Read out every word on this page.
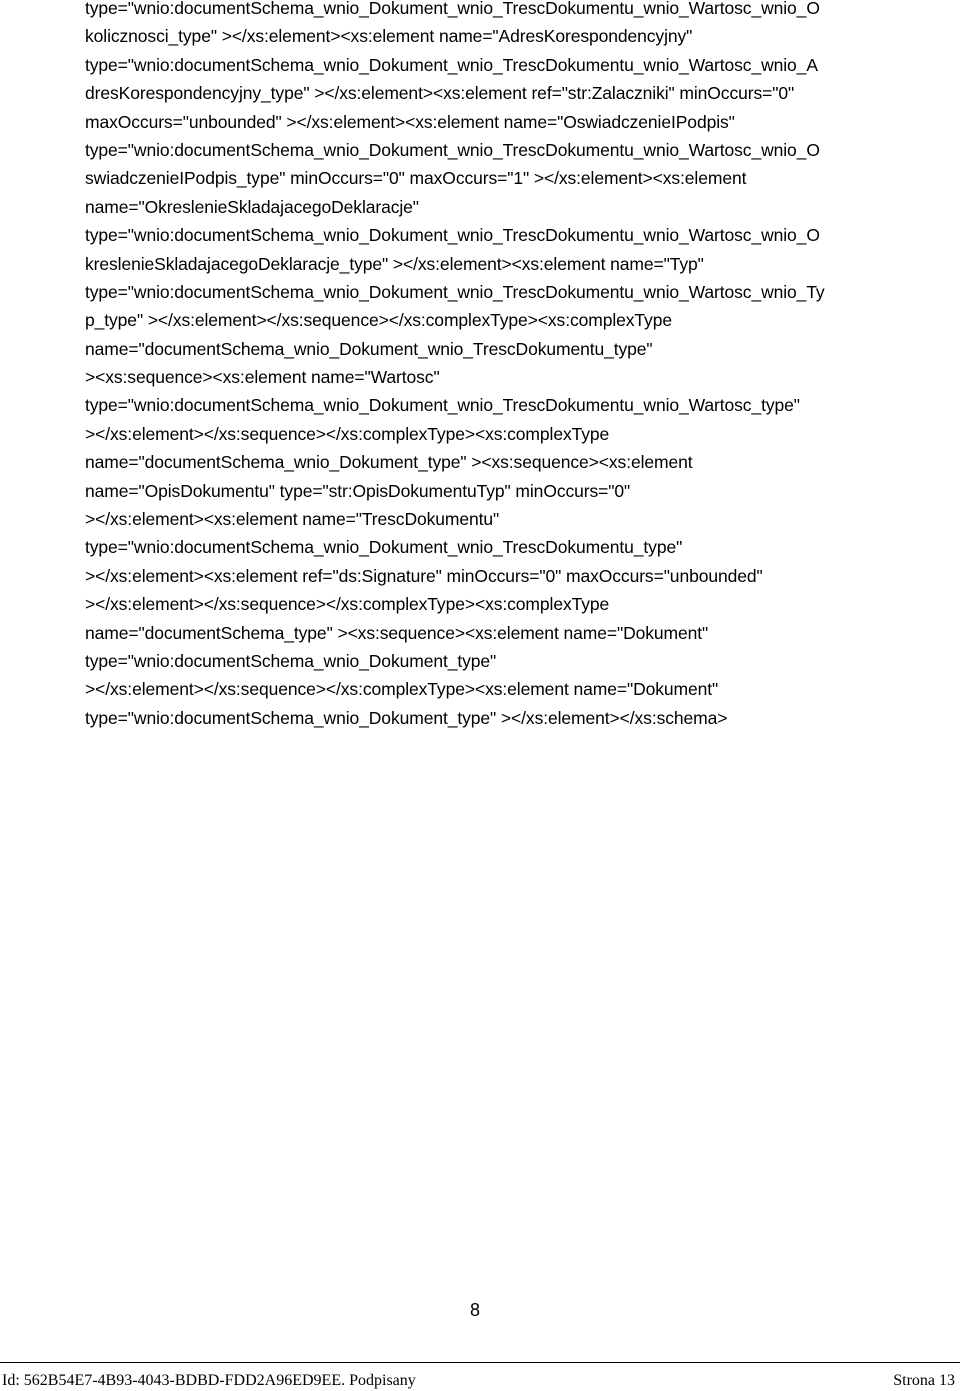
type="wnio:documentSchema_wnio_Dokument_wnio_TrescDokumentu_wnio_Wartosc_wnio_O
kolicznosci_type" ></xs:element><xs:element name="AdresKorespondencyjny"
type="wnio:documentSchema_wnio_Dokument_wnio_TrescDokumentu_wnio_Wartosc_wnio_A
dresKorespondencyjny_type" ></xs:element><xs:element ref="str:Zalaczniki" minOccurs="0"
maxOccurs="unbounded" ></xs:element><xs:element name="OswiadczenieIPodpis"
type="wnio:documentSchema_wnio_Dokument_wnio_TrescDokumentu_wnio_Wartosc_wnio_O
swiadczenieIPodpis_type" minOccurs="0" maxOccurs="1" ></xs:element><xs:element
name="OkreslenieSkladajacegoDeklaracje"
type="wnio:documentSchema_wnio_Dokument_wnio_TrescDokumentu_wnio_Wartosc_wnio_O
kreslenieSkladajacegoDeklaracje_type" ></xs:element><xs:element name="Typ"
type="wnio:documentSchema_wnio_Dokument_wnio_TrescDokumentu_wnio_Wartosc_wnio_Ty
p_type" ></xs:element></xs:sequence></xs:complexType><xs:complexType
name="documentSchema_wnio_Dokument_wnio_TrescDokumentu_type"
><xs:sequence><xs:element name="Wartosc"
type="wnio:documentSchema_wnio_Dokument_wnio_TrescDokumentu_wnio_Wartosc_type"
></xs:element></xs:sequence></xs:complexType><xs:complexType
name="documentSchema_wnio_Dokument_type" ><xs:sequence><xs:element
name="OpisDokumentu" type="str:OpisDokumentuTyp" minOccurs="0"
></xs:element><xs:element name="TrescDokumentu"
type="wnio:documentSchema_wnio_Dokument_wnio_TrescDokumentu_type"
></xs:element><xs:element ref="ds:Signature" minOccurs="0" maxOccurs="unbounded"
></xs:element></xs:sequence></xs:complexType><xs:complexType
name="documentSchema_type" ><xs:sequence><xs:element name="Dokument"
type="wnio:documentSchema_wnio_Dokument_type"
></xs:element></xs:sequence></xs:complexType><xs:element name="Dokument"
type="wnio:documentSchema_wnio_Dokument_type" ></xs:element></xs:schema>
8
Id: 562B54E7-4B93-4043-BDBD-FDD2A96ED9EE. Podpisany	Strona 13
